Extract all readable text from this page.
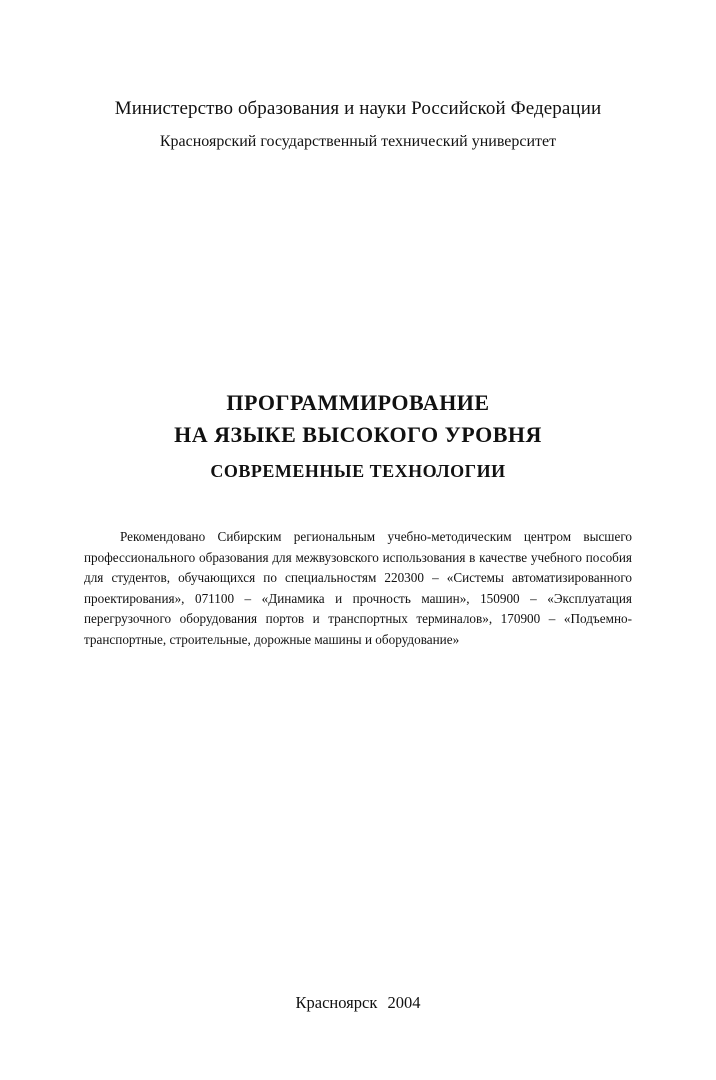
Министерство образования и науки Российской Федерации
Красноярский государственный технический университет
ПРОГРАММИРОВАНИЕ
НА ЯЗЫКЕ ВЫСОКОГО УРОВНЯ
СОВРЕМЕННЫЕ ТЕХНОЛОГИИ
Рекомендовано Сибирским региональным учебно-методическим центром высшего профессионального образования для межвузовского использования в качестве учебного пособия для студентов, обучающихся по специальностям 220300 – «Системы автоматизированного проектирования», 071100 – «Динамика и прочность машин», 150900 – «Эксплуатация перегрузочного оборудования портов и транспортных терминалов», 170900 – «Подъемно-транспортные, строительные, дорожные машины и оборудование»
Красноярск 2004
